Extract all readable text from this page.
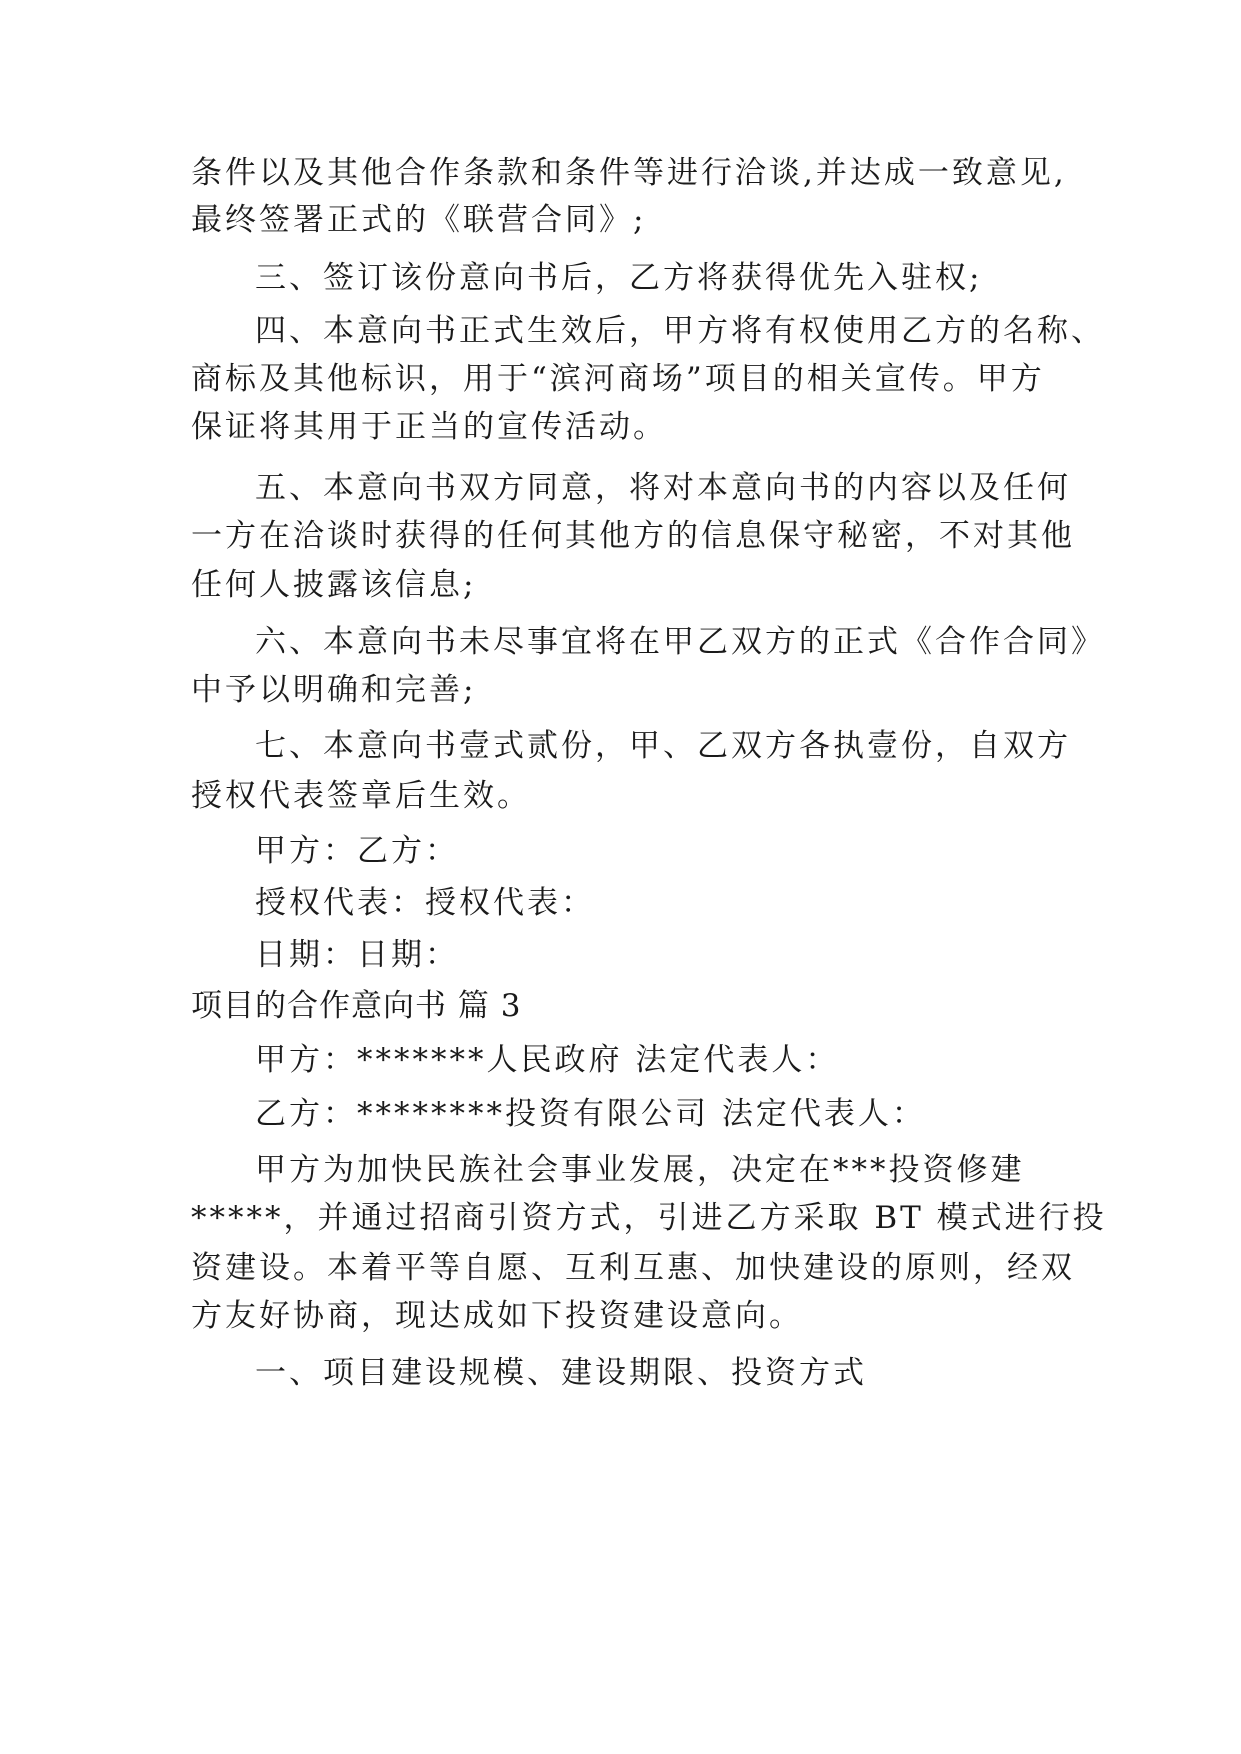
条件以及其他合作条款和条件等进行洽谈,并达成一致意见,

最终签署正式的《联营合同》;

三、签订该份意向书后，乙方将获得优先入驻权;

四、本意向书正式生效后，甲方将有权使用乙方的名称、

商标及其他标识，用于“滨河商场”项目的相关宣传。甲方

保证将其用于正当的宣传活动。

五、本意向书双方同意，将对本意向书的内容以及任何

一方在洽谈时获得的任何其他方的信息保守秘密，不对其他

任何人披露该信息;

六、本意向书未尽事宜将在甲乙双方的正式《合作合同》

中予以明确和完善;

七、本意向书壹式贰份，甲、乙双方各执壹份，自双方

授权代表签章后生效。

甲方：乙方：

授权代表：授权代表：

日期：日期：

项目的合作意向书 篇 3

甲方：*******人民政府 法定代表人：

乙方：********投资有限公司 法定代表人：

甲方为加快民族社会事业发展，决定在***投资修建

*****，并通过招商引资方式，引进乙方采取 BT 模式进行投

资建设。本着平等自愿、互利互惠、加快建设的原则，经双

方友好协商，现达成如下投资建设意向。

一、项目建设规模、建设期限、投资方式
